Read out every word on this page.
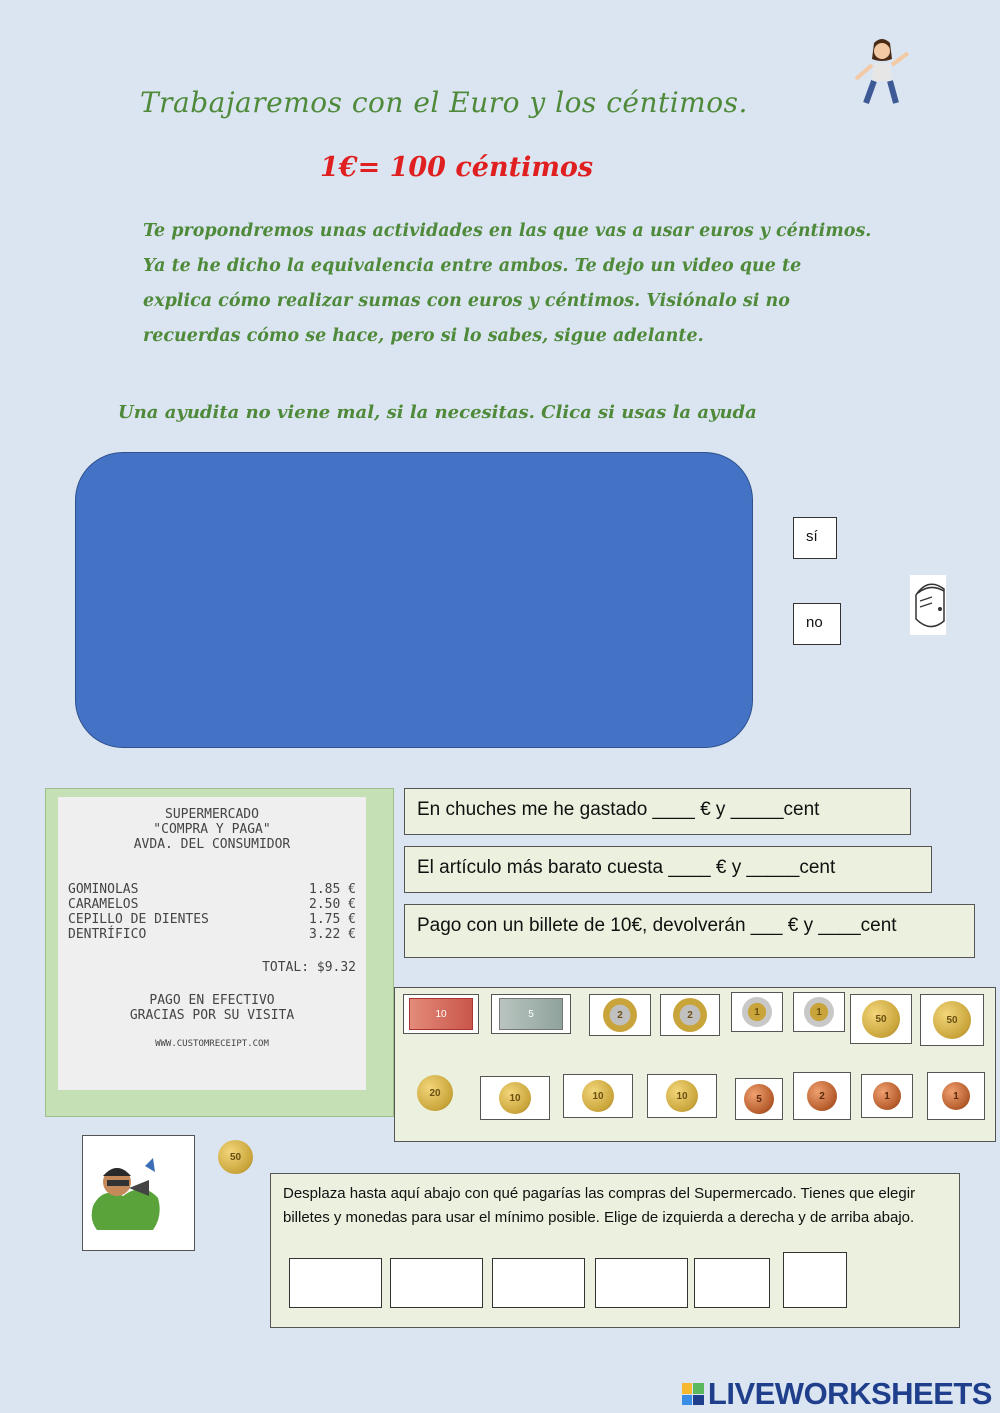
Trabajaremos con el Euro y los céntimos.
1€= 100 céntimos
Te propondremos unas actividades en las que vas a usar euros y céntimos. Ya te he dicho la equivalencia entre ambos. Te dejo un video que te explica cómo realizar sumas con euros y céntimos. Visiónalo si no recuerdas cómo se hace, pero si lo sabes, sigue adelante.
Una ayudita no viene mal, si la necesitas. Clica si usas la ayuda
sí
no
SUPERMERCADO
"COMPRA Y PAGA"
AVDA. DEL CONSUMIDOR
GOMINOLAS	1.85 €
CARAMELOS	2.50 €
CEPILLO DE DIENTES	1.75 €
DENTRÍFICO	3.22 €
TOTAL: $9.32
PAGO EN EFECTIVO
GRACIAS POR SU VISITA
WWW.CUSTOMRECEIPT.COM
En chuches me he gastado ____ € y _____cent
El artículo más barato cuesta ____ € y _____cent
Pago con un billete de 10€, devolverán ___ € y ____cent
10	5	2	2	1	1
50	50
20	10	10	10	5	2	1	1
50
Desplaza hasta aquí abajo con qué pagarías las compras del Supermercado. Tienes que elegir billetes y monedas para usar el mínimo posible. Elige de izquierda a derecha y de arriba abajo.
LIVEWORKSHEETS
